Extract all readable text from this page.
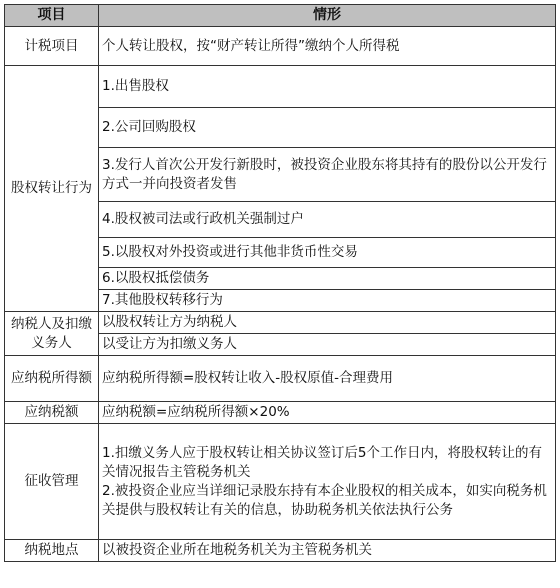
项目	情形
计税项目	个人转让股权，按“财产转让所得”缴纳个人所得税
股权转让行为	1.出售股权
	2.公司回购股权
	3.发行人首次公开发行新股时，被投资企业股东将其持有的股份以公开发行方式一并向投资者发售
	4.股权被司法或行政机关强制过户
	5.以股权对外投资或进行其他非货币性交易
	6.以股权抵偿债务
	7.其他股权转移行为
纳税人及扣缴义务人	以股权转让方为纳税人
	以受让方为扣缴义务人
应纳税所得额	应纳税所得额=股权转让收入-股权原值-合理费用
应纳税额	应纳税额=应纳税所得额×20%
征收管理	1.扣缴义务人应于股权转让相关协议签订后5个工作日内，将股权转让的有关情况报告主管税务机关
2.被投资企业应当详细记录股东持有本企业股权的相关成本，如实向税务机关提供与股权转让有关的信息，协助税务机关依法执行公务

纳税地点	以被投资企业所在地税务机关为主管税务机关
